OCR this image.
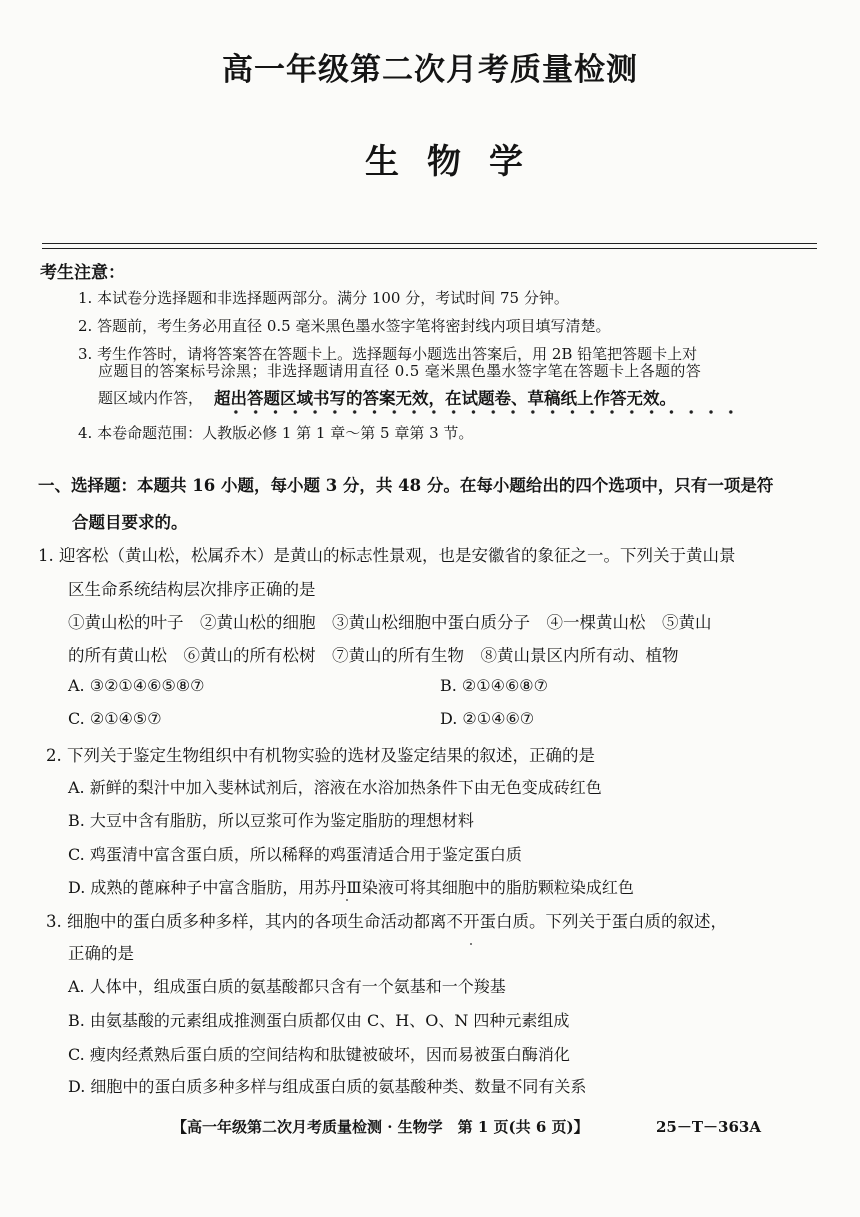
高一年级第二次月考质量检测
生物学
考生注意：
1. 本试卷分选择题和非选择题两部分。满分 100 分，考试时间 75 分钟。
2. 答题前，考生务必用直径 0.5 毫米黑色墨水签字笔将密封线内项目填写清楚。
3. 考生作答时，请将答案答在答题卡上。选择题每小题选出答案后，用 2B 铅笔把答题卡上对
应题目的答案标号涂黑；非选择题请用直径 0.5 毫米黑色墨水签字笔在答题卡上各题的答
题区域内作答， 超出答题区域书写的答案无效，在试题卷、草稿纸上作答无效。
4. 本卷命题范围：人教版必修 1 第 1 章～第 5 章第 3 节。
一、选择题：本题共 16 小题，每小题 3 分，共 48 分。在每小题给出的四个选项中，只有一项是符
合题目要求的。
1. 迎客松（黄山松，松属乔木）是黄山的标志性景观，也是安徽省的象征之一。下列关于黄山景
区生命系统结构层次排序正确的是
①黄山松的叶子　②黄山松的细胞　③黄山松细胞中蛋白质分子　④一棵黄山松　⑤黄山
的所有黄山松　⑥黄山的所有松树　⑦黄山的所有生物　⑧黄山景区内所有动、植物
A. ③②①④⑥⑤⑧⑦	B. ②①④⑥⑧⑦
C. ②①④⑤⑦	D. ②①④⑥⑦
2. 下列关于鉴定生物组织中有机物实验的选材及鉴定结果的叙述，正确的是
A. 新鲜的梨汁中加入斐林试剂后，溶液在水浴加热条件下由无色变成砖红色
B. 大豆中含有脂肪，所以豆浆可作为鉴定脂肪的理想材料
C. 鸡蛋清中富含蛋白质，所以稀释的鸡蛋清适合用于鉴定蛋白质
D. 成熟的蓖麻种子中富含脂肪，用苏丹Ⅲ染液可将其细胞中的脂肪颗粒染成红色
3. 细胞中的蛋白质多种多样，其内的各项生命活动都离不开蛋白质。下列关于蛋白质的叙述，
正确的是
A. 人体中，组成蛋白质的氨基酸都只含有一个氨基和一个羧基
B. 由氨基酸的元素组成推测蛋白质都仅由 C、H、O、N 四种元素组成
C. 瘦肉经煮熟后蛋白质的空间结构和肽键被破坏，因而易被蛋白酶消化
D. 细胞中的蛋白质多种多样与组成蛋白质的氨基酸种类、数量不同有关系
【高一年级第二次月考质量检测 · 生物学　第 1 页(共 6 页)】	25－T－363A
